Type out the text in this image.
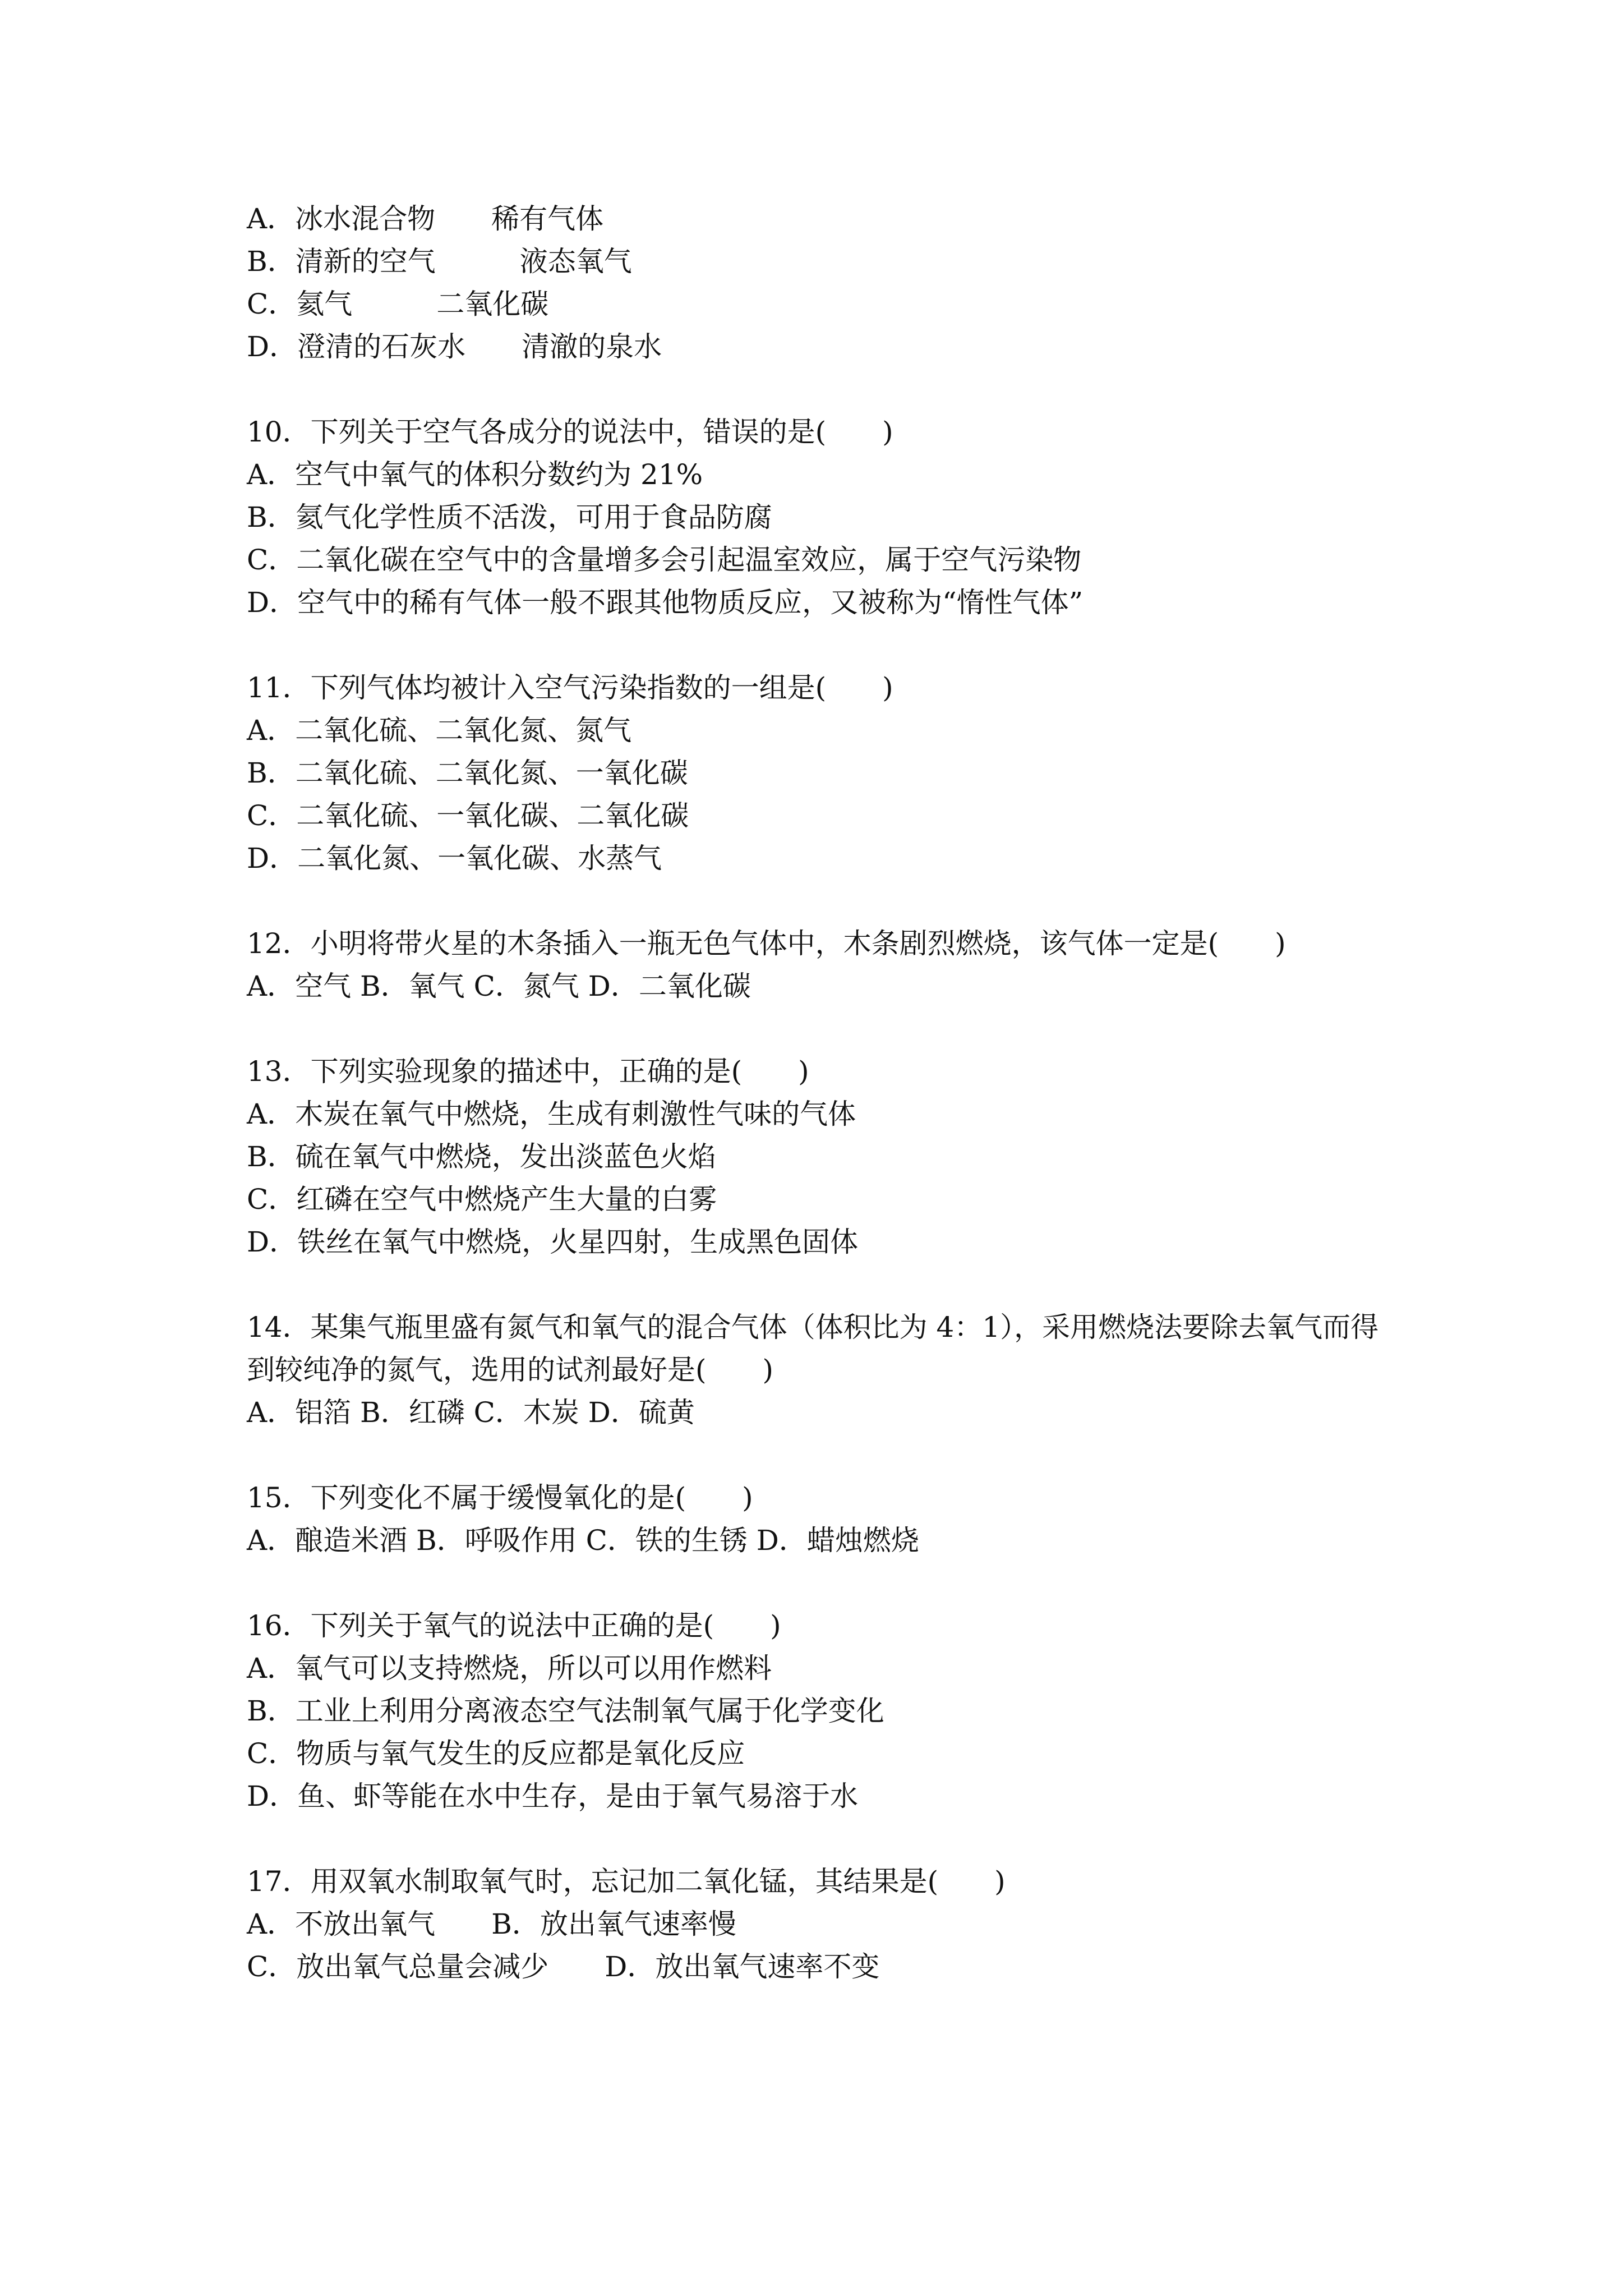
A．冰水混合物　　稀有气体
B．清新的空气　　　液态氧气
C．氦气　　　二氧化碳
D．澄清的石灰水　　清澈的泉水
10．下列关于空气各成分的说法中，错误的是(　　)
A．空气中氧气的体积分数约为 21%
B．氦气化学性质不活泼，可用于食品防腐
C．二氧化碳在空气中的含量增多会引起温室效应，属于空气污染物
D．空气中的稀有气体一般不跟其他物质反应，又被称为“惰性气体”
11．下列气体均被计入空气污染指数的一组是(　　)
A．二氧化硫、二氧化氮、氮气
B．二氧化硫、二氧化氮、一氧化碳
C．二氧化硫、一氧化碳、二氧化碳
D．二氧化氮、一氧化碳、水蒸气
12．小明将带火星的木条插入一瓶无色气体中，木条剧烈燃烧，该气体一定是(　　)
A．空气 B．氧气 C．氮气 D．二氧化碳
13．下列实验现象的描述中，正确的是(　　)
A．木炭在氧气中燃烧，生成有刺激性气味的气体
B．硫在氧气中燃烧，发出淡蓝色火焰
C．红磷在空气中燃烧产生大量的白雾
D．铁丝在氧气中燃烧，火星四射，生成黑色固体
14．某集气瓶里盛有氮气和氧气的混合气体（体积比为 4：1），采用燃烧法要除去氧气而得
到较纯净的氮气，选用的试剂最好是(　　)
A．铝箔 B．红磷 C．木炭 D．硫黄
15．下列变化不属于缓慢氧化的是(　　)
A．酿造米酒 B．呼吸作用 C．铁的生锈 D．蜡烛燃烧
16．下列关于氧气的说法中正确的是(　　)
A．氧气可以支持燃烧，所以可以用作燃料
B．工业上利用分离液态空气法制氧气属于化学变化
C．物质与氧气发生的反应都是氧化反应
D．鱼、虾等能在水中生存，是由于氧气易溶于水
17．用双氧水制取氧气时，忘记加二氧化锰，其结果是(　　)
A．不放出氧气　　B．放出氧气速率慢
C．放出氧气总量会减少　　D．放出氧气速率不变
